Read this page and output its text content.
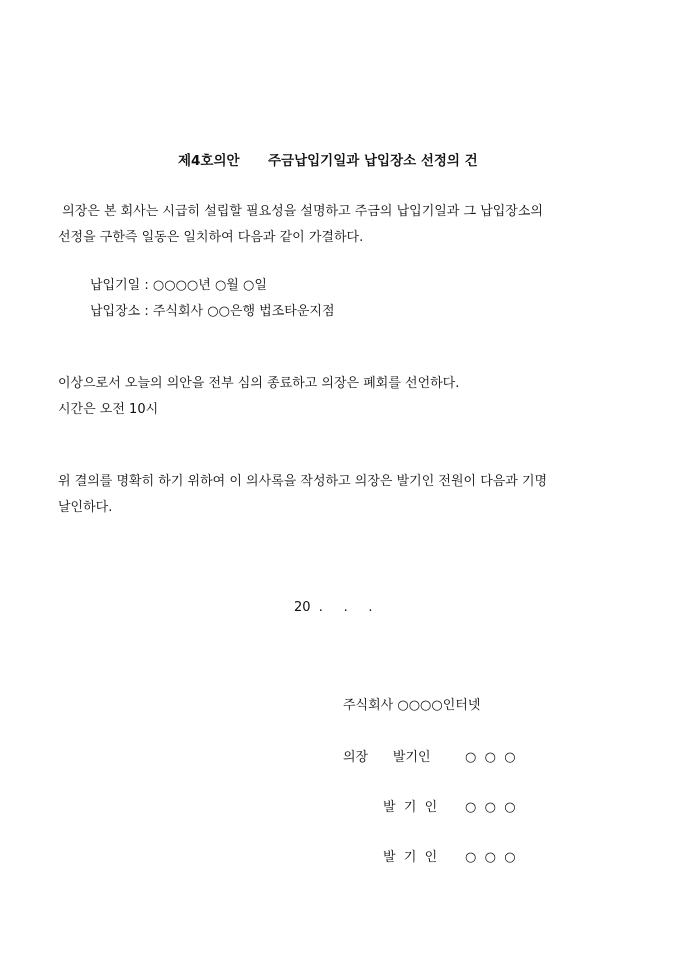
제4호의안 주금납입기일과 납입장소 선정의 건
의장은 본 회사는 시급히 설립할 필요성을 설명하고 주금의 납입기일과 그 납입장소의
선정을 구한즉 일동은 일치하여 다음과 같이 가결하다.
납입기일 : ○○○○년 ○월 ○일
납입장소 : 주식회사 ○○은행 법조타운지점
이상으로서 오늘의 의안을 전부 심의 종료하고 의장은 폐회를 선언하다.
시간은 오전 10시
위 결의를 명확히 하기 위하여 이 의사록을 작성하고 의장은 발기인 전원이 다음과 기명
날인하다.
20  .     .     .
주식회사 ○○○○인터넷
의장      발기인	○  ○  ○
발  기  인	○  ○  ○
발  기  인	○  ○  ○
